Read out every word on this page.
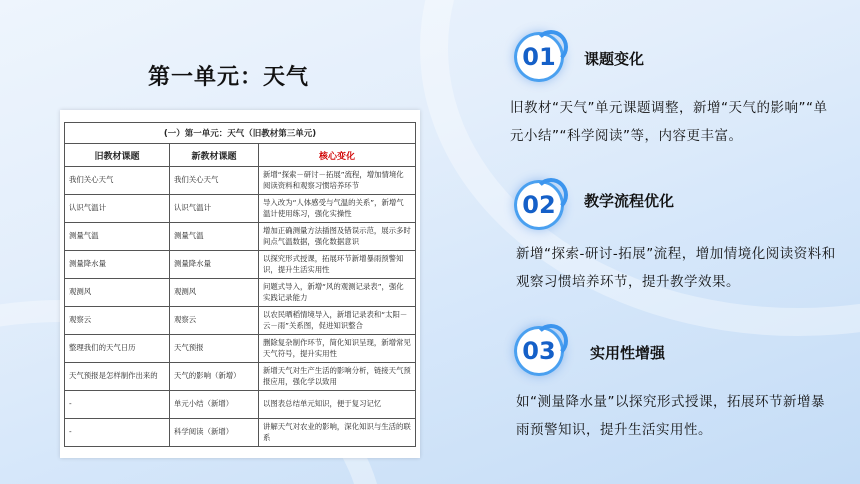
第一单元：天气
(一）第一单元：天气（旧教材第三单元)		
旧教材课题	新教材课题	核心变化
我们关心天气	我们关心天气	新增“探索－研讨－拓展”流程，增加情境化阅读资料和观察习惯培养环节
认识气温计	认识气温计	导入改为“人体感受与气温的关系”，新增气温计使用练习，强化实操性
测量气温	测量气温	增加正确测量方法插图及错误示范，展示多时间点气温数据，强化数据意识
测量降水量	测量降水量	以探究形式授课，拓展环节新增暴雨预警知识，提升生活实用性
观测风	观测风	问题式导入，新增“风的观测记录表”，强化实践记录能力
观察云	观察云	以农民晒稻情境导入，新增记录表和“太阳－云－雨”关系图，促进知识整合
整理我们的天气日历	天气预报	删除复杂制作环节，简化知识呈现，新增常见天气符号，提升实用性
天气预报是怎样制作出来的	天气的影响（新增）	新增天气对生产生活的影响分析，链接天气预报应用，强化学以致用
-	单元小结（新增）	以图表总结单元知识，便于复习记忆
-	科学阅读（新增）	讲解天气对农业的影响，深化知识与生活的联系
01	课题变化
旧教材“天气”单元课题调整，新增“天气的影响”“单元小结”“科学阅读”等，内容更丰富。
02	教学流程优化
新增“探索-研讨-拓展”流程，增加情境化阅读资料和观察习惯培养环节，提升教学效果。
03	实用性增强
如“测量降水量”以探究形式授课，拓展环节新增暴雨预警知识，提升生活实用性。
